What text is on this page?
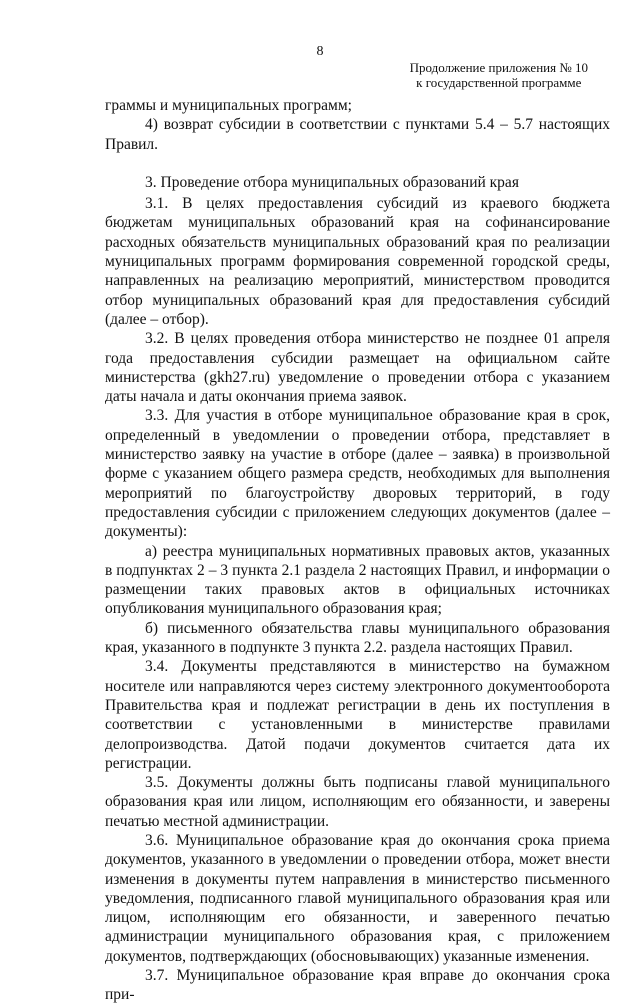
8
Продолжение приложения № 10
к государственной программе

граммы и муниципальных программ;

4) возврат субсидии в соответствии с пунктами 5.4 – 5.7 настоящих Правил.

3. Проведение отбора муниципальных образований края

3.1. В целях предоставления субсидий из краевого бюджета бюджетам муниципальных образований края на софинансирование расходных обязательств муниципальных образований края по реализации муниципальных программ формирования современной городской среды, направленных на реализацию мероприятий, министерством проводится отбор муниципальных образований края для предоставления субсидий (далее – отбор).

3.2. В целях проведения отбора министерство не позднее 01 апреля года предоставления субсидии размещает на официальном сайте министерства (gkh27.ru) уведомление о проведении отбора с указанием даты начала и даты окончания приема заявок.

3.3. Для участия в отборе муниципальное образование края в срок, определенный в уведомлении о проведении отбора, представляет в министерство заявку на участие в отборе (далее – заявка) в произвольной форме с указанием общего размера средств, необходимых для выполнения мероприятий по благоустройству дворовых территорий, в году предоставления субсидии с приложением следующих документов (далее – документы):

а) реестра муниципальных нормативных правовых актов, указанных в подпунктах 2 – 3 пункта 2.1 раздела 2 настоящих Правил, и информации о размещении таких правовых актов в официальных источниках опубликования муниципального образования края;

б) письменного обязательства главы муниципального образования края, указанного в подпункте 3 пункта 2.2. раздела настоящих Правил.

3.4. Документы представляются в министерство на бумажном носителе или направляются через систему электронного документооборота Правительства края и подлежат регистрации в день их поступления в соответствии с установленными в министерстве правилами делопроизводства. Датой подачи документов считается дата их регистрации.

3.5. Документы должны быть подписаны главой муниципального образования края или лицом, исполняющим его обязанности, и заверены печатью местной администрации.

3.6. Муниципальное образование края до окончания срока приема документов, указанного в уведомлении о проведении отбора, может внести изменения в документы путем направления в министерство письменного уведомления, подписанного главой муниципального образования края или лицом, исполняющим его обязанности, и заверенного печатью администрации муниципального образования края, с приложением документов, подтверждающих (обосновывающих) указанные изменения.

3.7. Муниципальное образование края вправе до окончания срока при-
